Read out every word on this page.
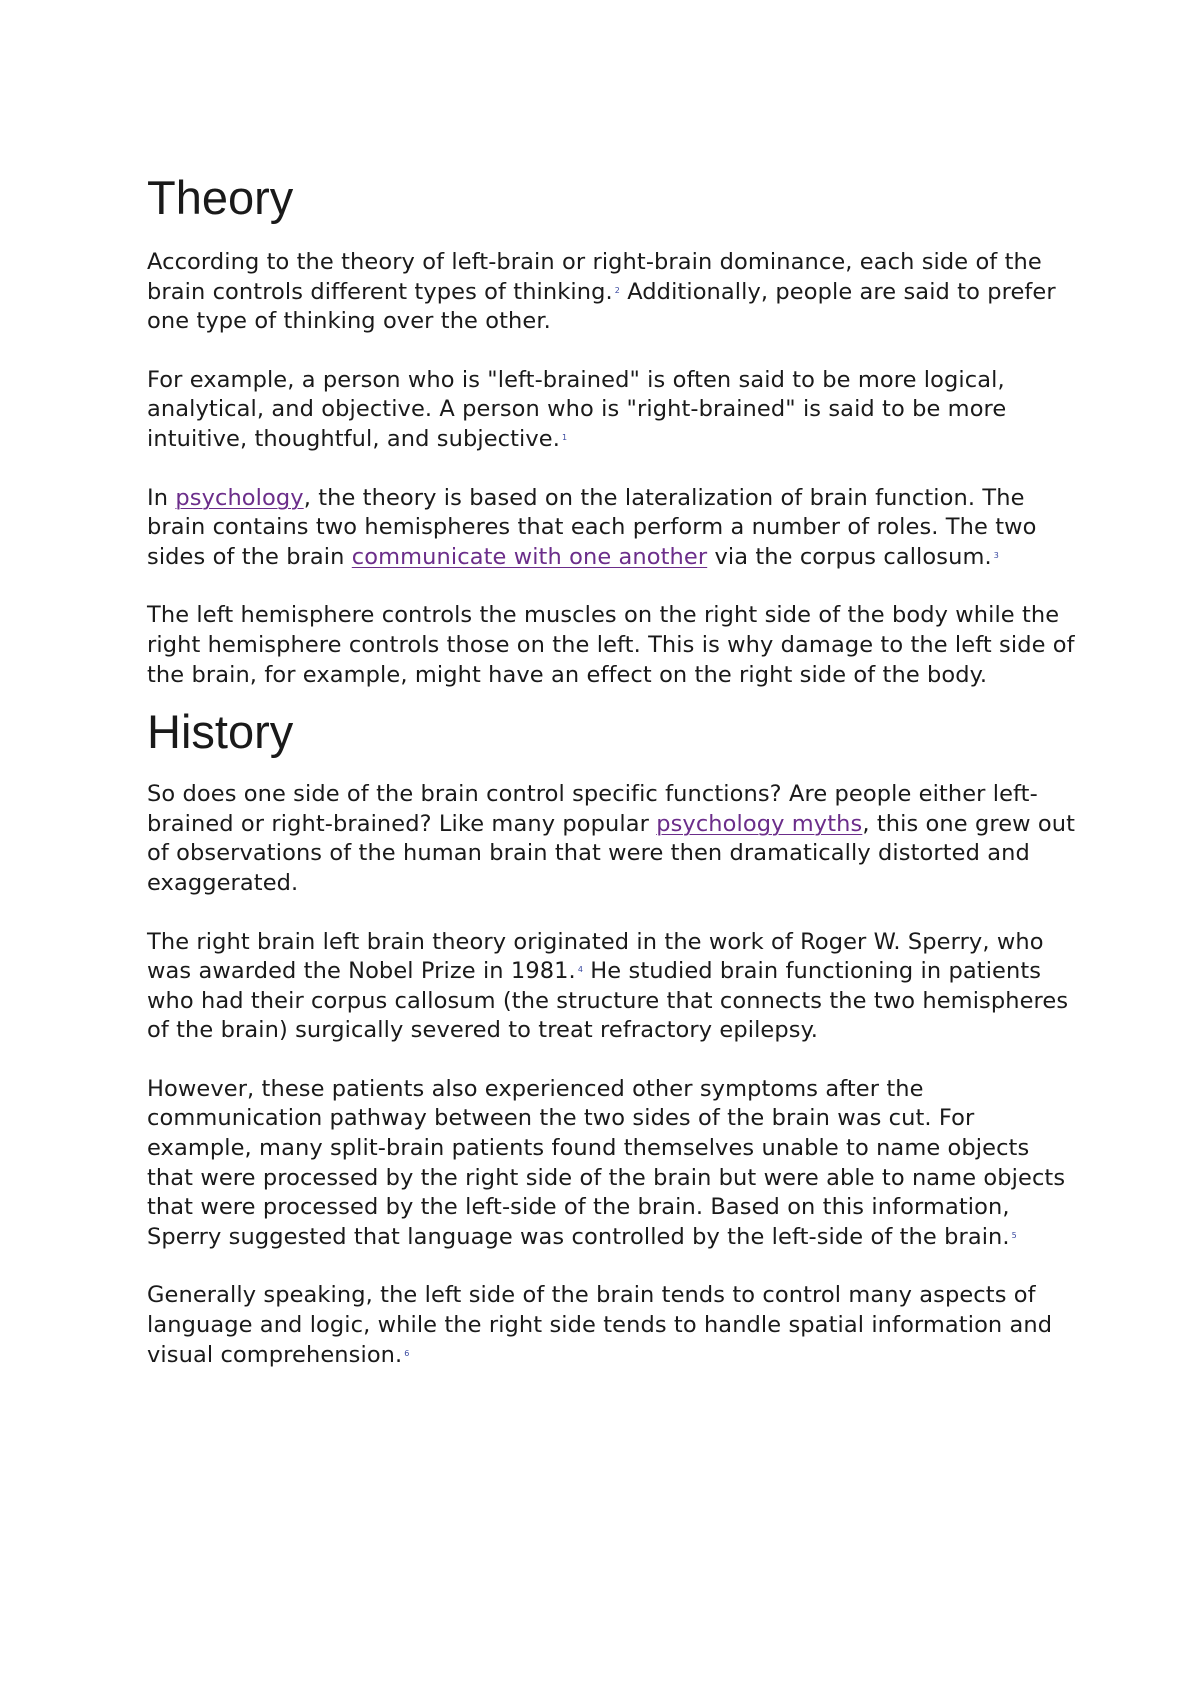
Theory

According to the theory of left-brain or right-brain dominance, each side of the brain controls different types of thinking. $^2$ Additionally, people are said to prefer one type of thinking over the other.

For example, a person who is "left-brained" is often said to be more logical, analytical, and objective. A person who is "right-brained" is said to be more intuitive, thoughtful, and subjective. $^1$

In psychology, the theory is based on the lateralization of brain function. The brain contains two hemispheres that each perform a number of roles. The two sides of the brain communicate with one another via the corpus callosum. $^3$

The left hemisphere controls the muscles on the right side of the body while the right hemisphere controls those on the left. This is why damage to the left side of the brain, for example, might have an effect on the right side of the body.

History

So does one side of the brain control specific functions? Are people either left-brained or right-brained? Like many popular psychology myths, this one grew out of observations of the human brain that were then dramatically distorted and exaggerated.

The right brain left brain theory originated in the work of Roger W. Sperry, who was awarded the Nobel Prize in 1981. $^4$ He studied brain functioning in patients who had their corpus callosum (the structure that connects the two hemispheres of the brain) surgically severed to treat refractory epilepsy.

However, these patients also experienced other symptoms after the communication pathway between the two sides of the brain was cut. For example, many split-brain patients found themselves unable to name objects that were processed by the right side of the brain but were able to name objects that were processed by the left-side of the brain. Based on this information, Sperry suggested that language was controlled by the left-side of the brain. $^5$

Generally speaking, the left side of the brain tends to control many aspects of language and logic, while the right side tends to handle spatial information and visual comprehension. $^6$
